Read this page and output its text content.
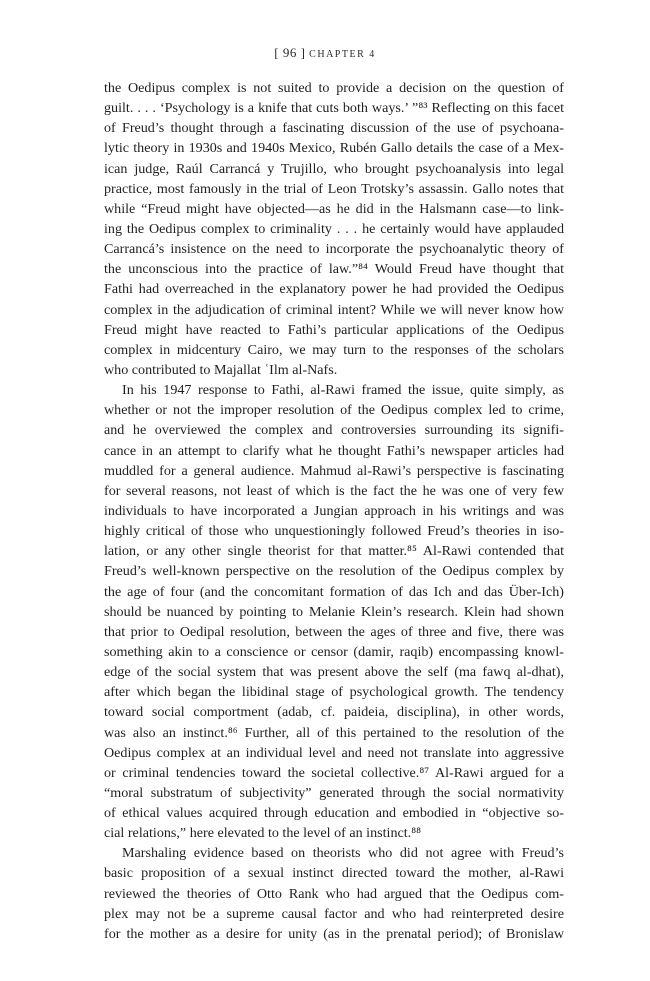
[ 96 ] CHAPTER 4
the Oedipus complex is not suited to provide a decision on the question of
guilt. . . . ‘Psychology is a knife that cuts both ways.’ ”⁸³ Reflecting on this facet
of Freud’s thought through a fascinating discussion of the use of psychoana-
lytic theory in 1930s and 1940s Mexico, Rubén Gallo details the case of a Mex-
ican judge, Raúl Carrancá y Trujillo, who brought psychoanalysis into legal
practice, most famously in the trial of Leon Trotsky’s assassin. Gallo notes that
while “Freud might have objected—as he did in the Halsmann case—to link-
ing the Oedipus complex to criminality . . . he certainly would have applauded
Carrancá’s insistence on the need to incorporate the psychoanalytic theory of
the unconscious into the practice of law.”⁸⁴ Would Freud have thought that
Fathi had overreached in the explanatory power he had provided the Oedipus
complex in the adjudication of criminal intent? While we will never know how
Freud might have reacted to Fathi’s particular applications of the Oedipus
complex in midcentury Cairo, we may turn to the responses of the scholars
who contributed to Majallat ʿIlm al-Nafs.
In his 1947 response to Fathi, al-Rawi framed the issue, quite simply, as
whether or not the improper resolution of the Oedipus complex led to crime,
and he overviewed the complex and controversies surrounding its signifi-
cance in an attempt to clarify what he thought Fathi’s newspaper articles had
muddled for a general audience. Mahmud al-Rawi’s perspective is fascinating
for several reasons, not least of which is the fact the he was one of very few
individuals to have incorporated a Jungian approach in his writings and was
highly critical of those who unquestioningly followed Freud’s theories in iso-
lation, or any other single theorist for that matter.⁸⁵ Al-Rawi contended that
Freud’s well-known perspective on the resolution of the Oedipus complex by
the age of four (and the concomitant formation of das Ich and das Über-Ich)
should be nuanced by pointing to Melanie Klein’s research. Klein had shown
that prior to Oedipal resolution, between the ages of three and five, there was
something akin to a conscience or censor (damir, raqib) encompassing knowl-
edge of the social system that was present above the self (ma fawq al-dhat),
after which began the libidinal stage of psychological growth. The tendency
toward social comportment (adab, cf. paideia, disciplina), in other words,
was also an instinct.⁸⁶ Further, all of this pertained to the resolution of the
Oedipus complex at an individual level and need not translate into aggressive
or criminal tendencies toward the societal collective.⁸⁷ Al-Rawi argued for a
“moral substratum of subjectivity” generated through the social normativity
of ethical values acquired through education and embodied in “objective so-
cial relations,” here elevated to the level of an instinct.⁸⁸
Marshaling evidence based on theorists who did not agree with Freud’s
basic proposition of a sexual instinct directed toward the mother, al-Rawi
reviewed the theories of Otto Rank who had argued that the Oedipus com-
plex may not be a supreme causal factor and who had reinterpreted desire
for the mother as a desire for unity (as in the prenatal period); of Bronislaw
